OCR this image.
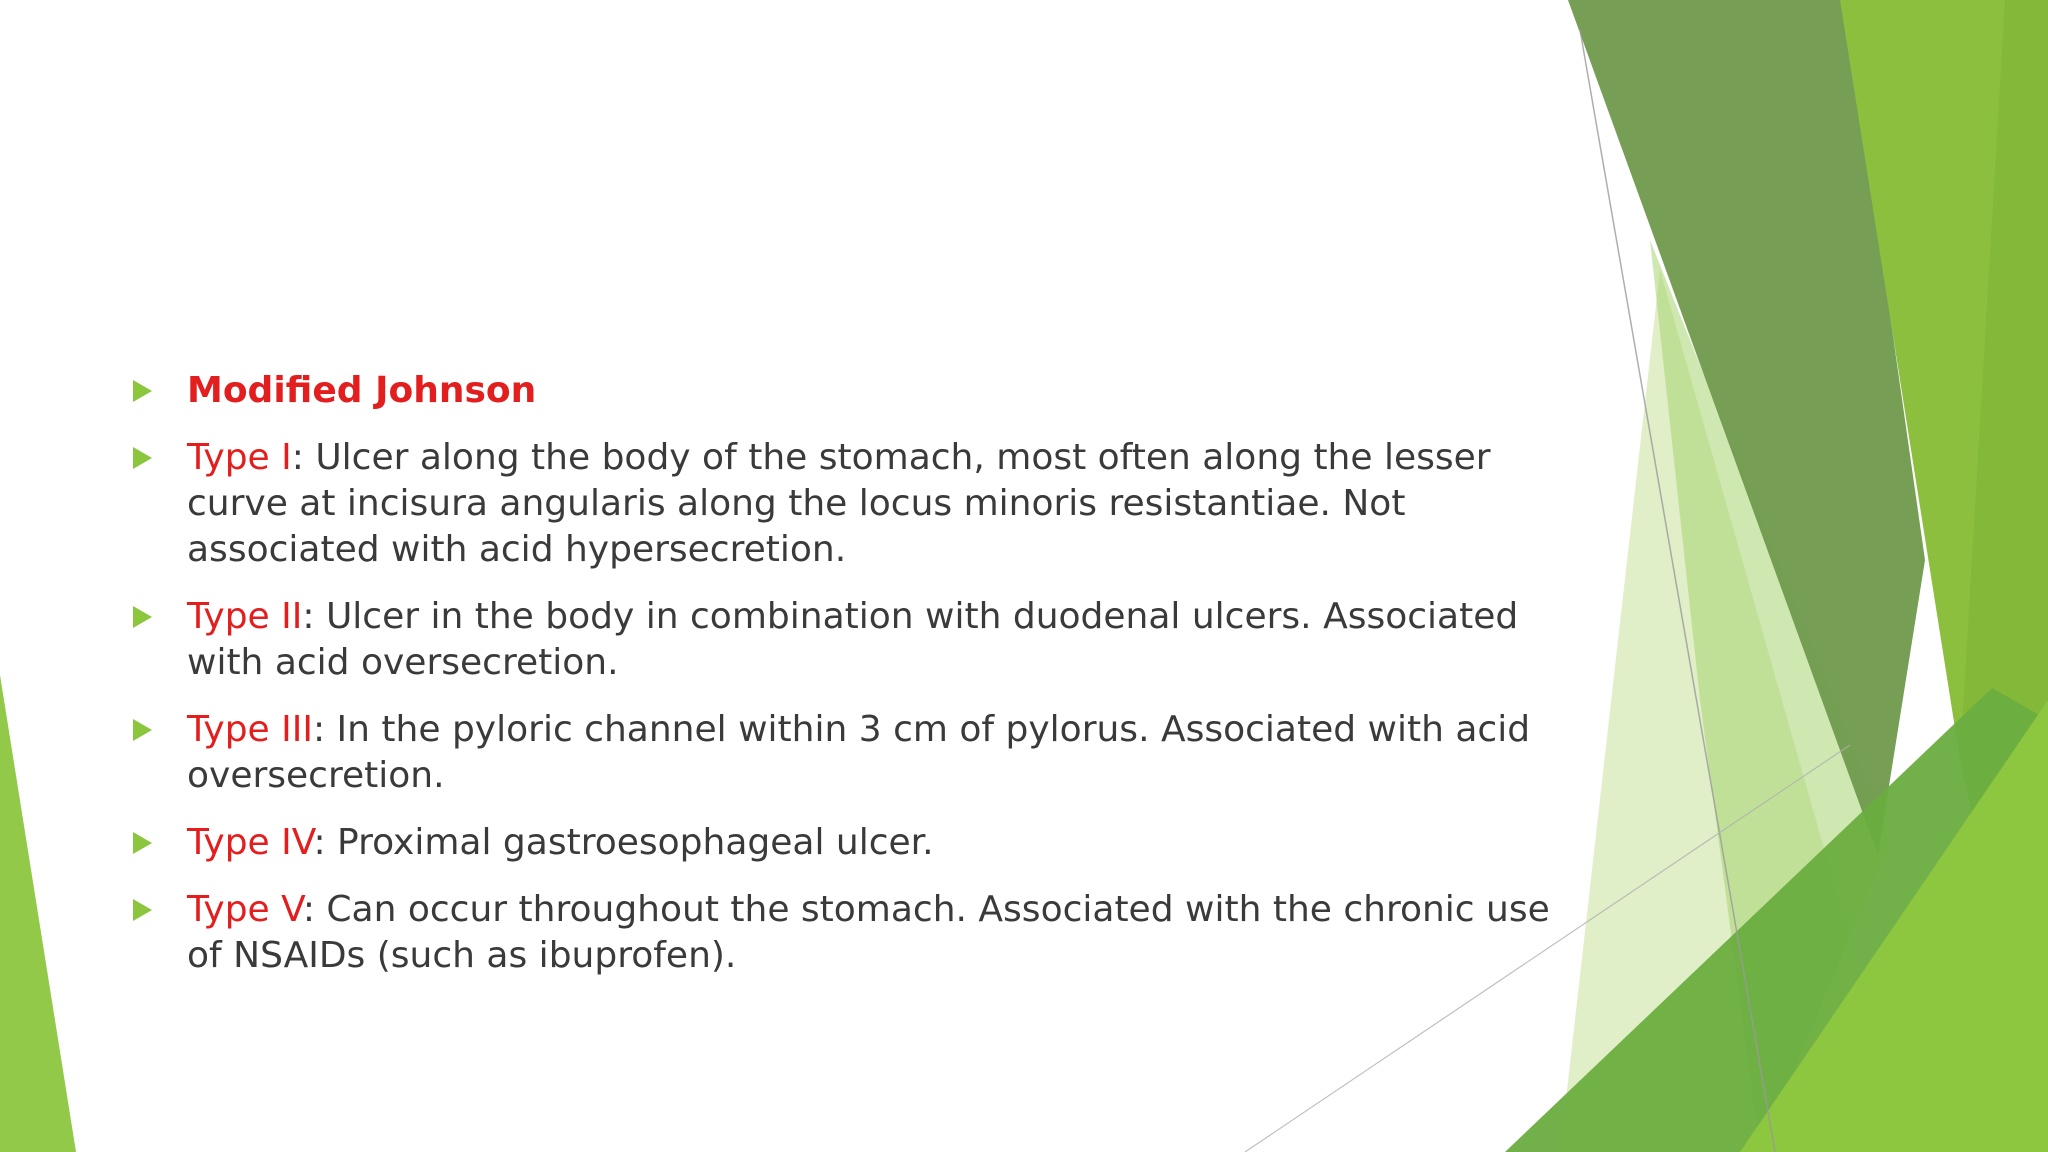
Modified Johnson
Type I: Ulcer along the body of the stomach, most often along the lesser curve at incisura angularis along the locus minoris resistantiae. Not associated with acid hypersecretion.
Type II: Ulcer in the body in combination with duodenal ulcers. Associated with acid oversecretion.
Type III: In the pyloric channel within 3 cm of pylorus. Associated with acid oversecretion.
Type IV: Proximal gastroesophageal ulcer.
Type V: Can occur throughout the stomach. Associated with the chronic use of NSAIDs (such as ibuprofen).
